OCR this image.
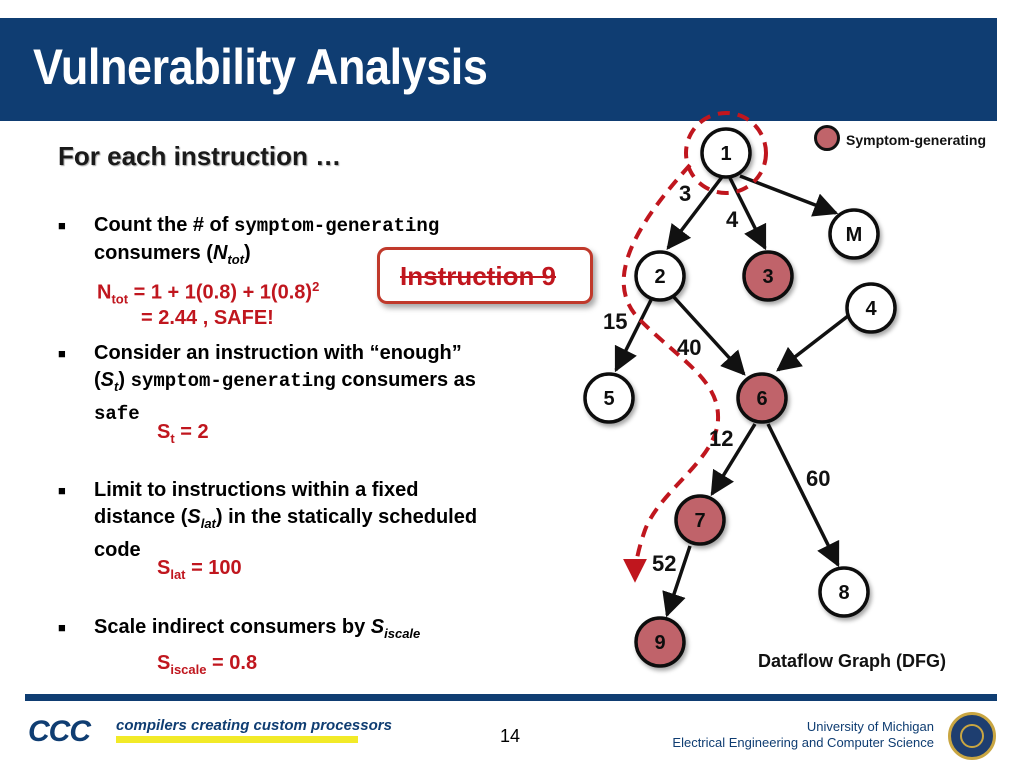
Vulnerability Analysis
For each instruction …
■ Count the # of symptom-generating
consumers $(N_{tot})$
$N_{tot} = 1 + 1(0.8) + 1(0.8)^2$
= 2.44 , SAFE!
■ Consider an instruction with “enough”
$(S_t)$ symptom-generating consumers as
safe
$S_t = 2$
■ Limit to instructions within a fixed
distance $(S_{lat})$ in the statically scheduled
code
$S_{lat} = 100$
■ Scale indirect consumers by $S_{iscale}$
$S_{iscale} = 0.8$
Instruction 9
Symptom-generating
3
4
15
40
12
60
52
1
2	3
M
4
5	6
7
8
9
Dataflow Graph (DFG)
CCC compilers creating custom processors
14	University of Michigan
Electrical Engineering and Computer Science
